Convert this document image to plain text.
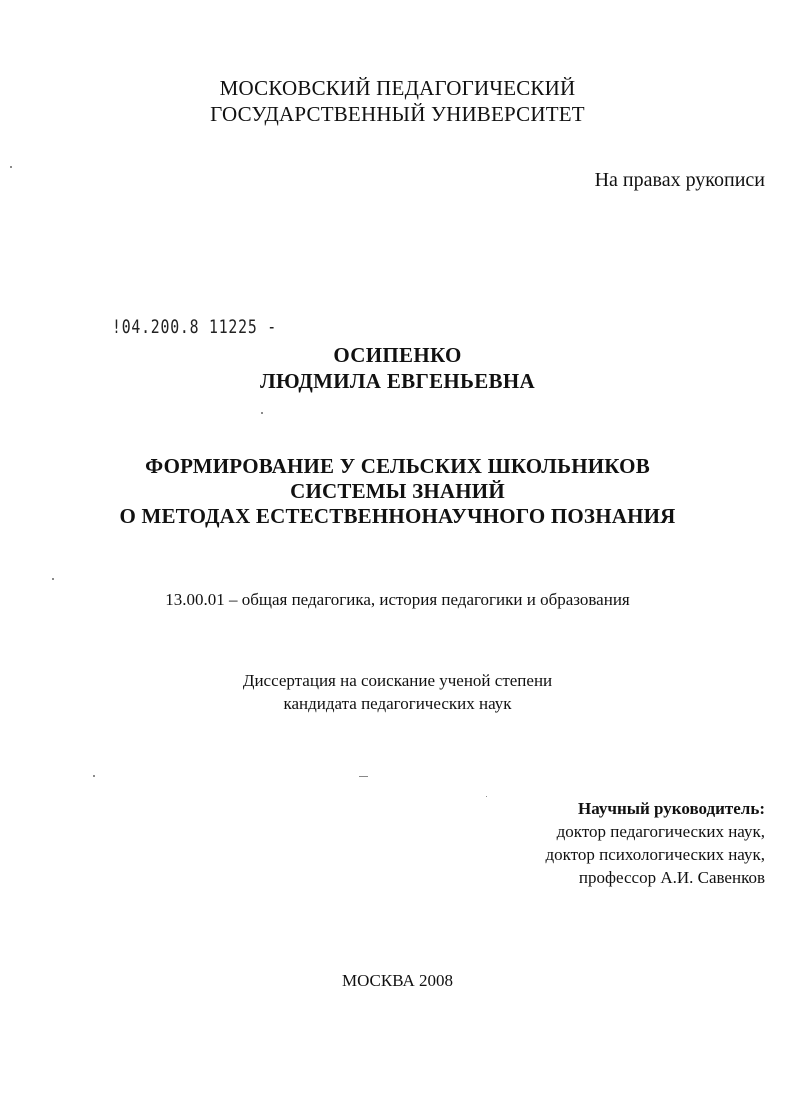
МОСКОВСКИЙ ПЕДАГОГИЧЕСКИЙ
ГОСУДАРСТВЕННЫЙ УНИВЕРСИТЕТ
На правах рукописи
!04.200.8 11225 -
ОСИПЕНКО
ЛЮДМИЛА ЕВГЕНЬЕВНА
ФОРМИРОВАНИЕ У СЕЛЬСКИХ ШКОЛЬНИКОВ
СИСТЕМЫ ЗНАНИЙ
О МЕТОДАХ ЕСТЕСТВЕННОНАУЧНОГО ПОЗНАНИЯ
13.00.01 – общая педагогика, история педагогики и образования
Диссертация на соискание ученой степени
кандидата педагогических наук
Научный руководитель:
доктор педагогических наук,
доктор психологических наук,
профессор А.И. Савенков
МОСКВА 2008
